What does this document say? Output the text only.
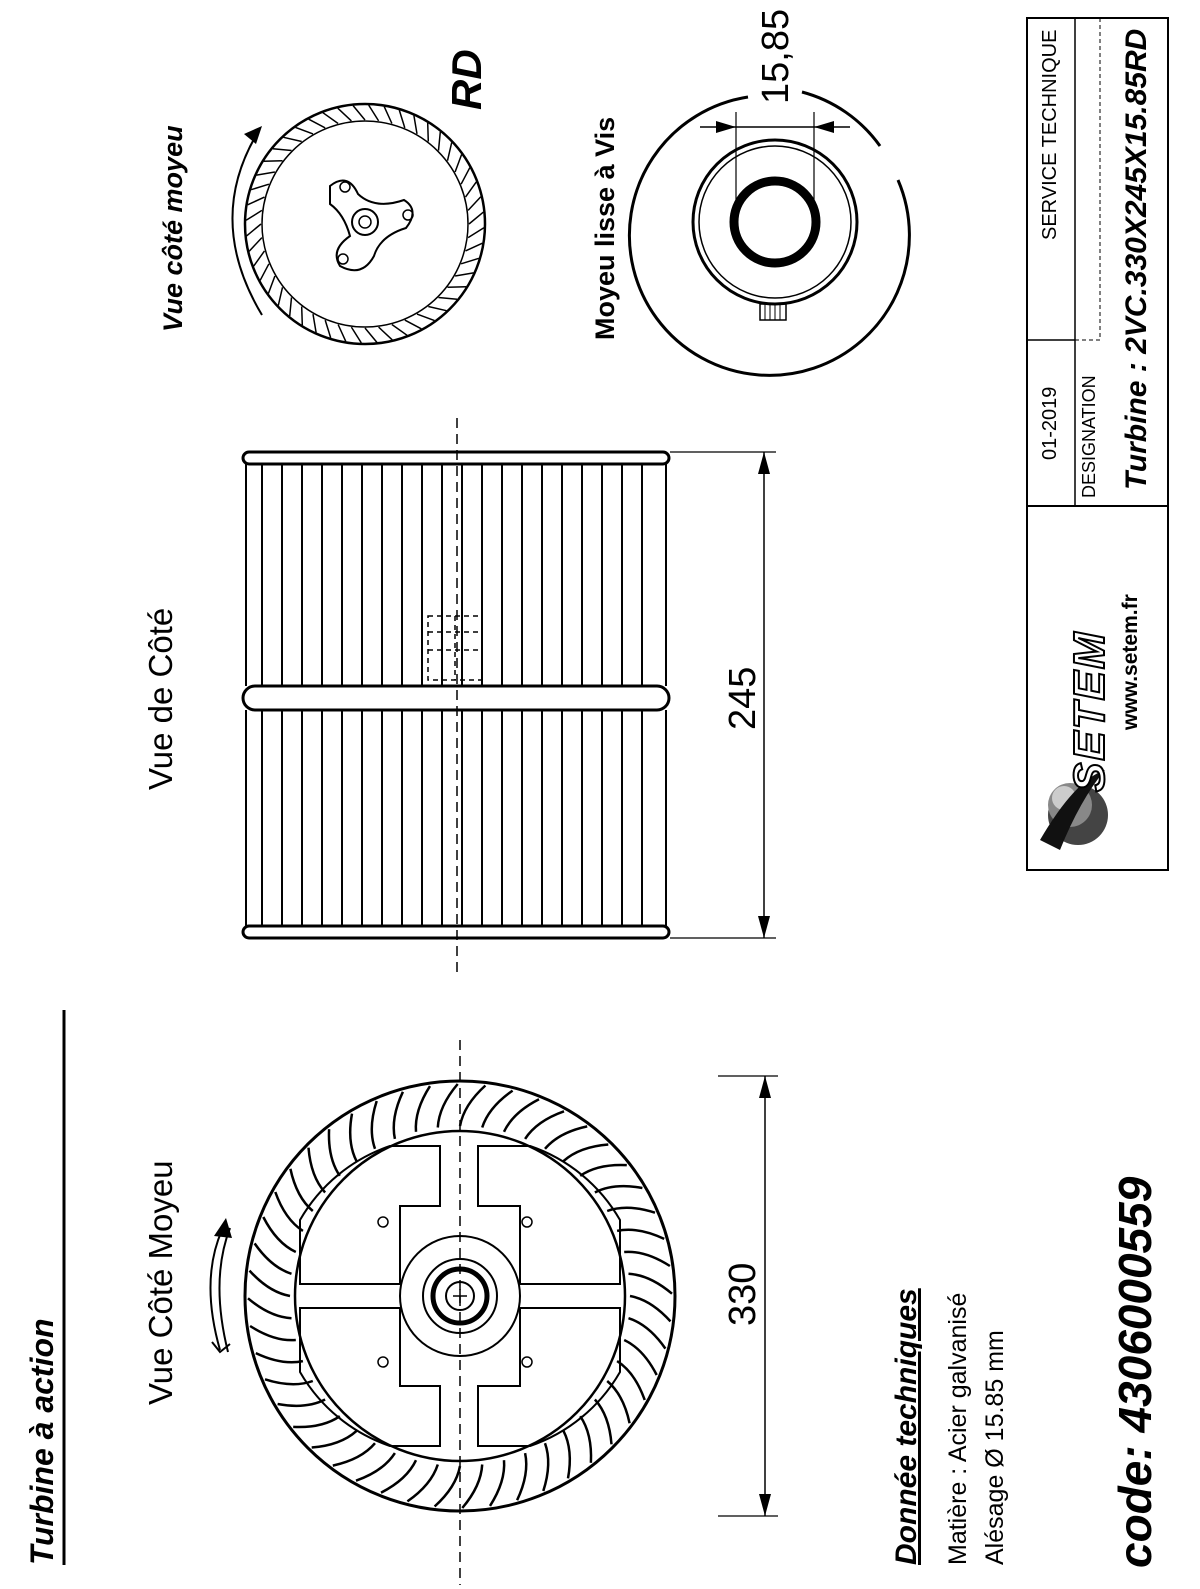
Turbine à action
Vue Côté Moyeu
Vue de Côté
Vue côté moyeu
RD
Moyeu lisse à Vis
15,85
245
330	Donnée techniques Matière : Acier galvanisé Alésage Ø 15.85 mm code: 4306000559
SETEM www.setem.fr
01-2019
SERVICE TECHNIQUE
DESIGNATION Turbine : 2VC.330X245X15.85RD
